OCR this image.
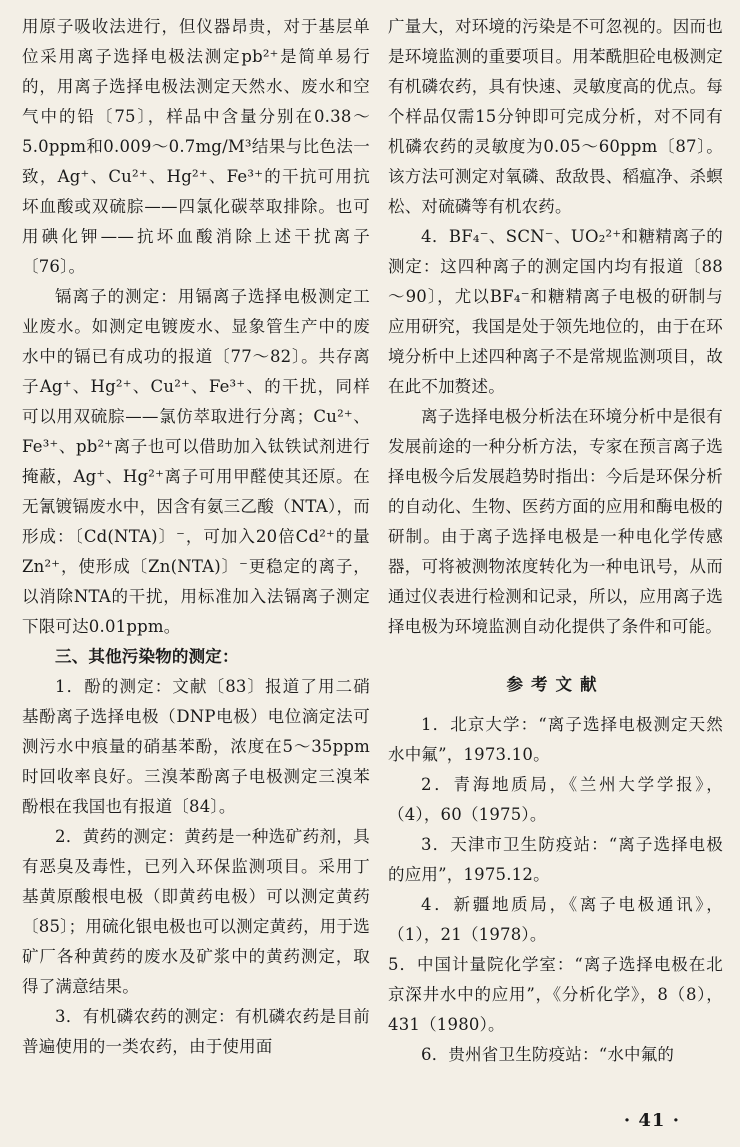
用原子吸收法进行，但仪器昂贵，对于基层单位采用离子选择电极法测定pb²⁺是简单易行的，用离子选择电极法测定天然水、废水和空气中的铅〔75〕，样品中含量分别在0.38～5.0ppm和0.009～0.7mg/M³结果与比色法一致，Ag⁺、Cu²⁺、Hg²⁺、Fe³⁺的干抗可用抗坏血酸或双硫腙——四氯化碳萃取排除。也可用碘化钾——抗坏血酸消除上述干扰离子〔76〕。

镉离子的测定：用镉离子选择电极测定工业废水。如测定电镀废水、显象管生产中的废水中的镉已有成功的报道〔77～82〕。共存离子Ag⁺、Hg²⁺、Cu²⁺、Fe³⁺、的干扰，同样可以用双硫腙——氯仿萃取进行分离；Cu²⁺、Fe³⁺、pb²⁺离子也可以借助加入钛铁试剂进行掩蔽，Ag⁺、Hg²⁺离子可用甲醛使其还原。在无氰镀镉废水中，因含有氨三乙酸（NTA），而形成：〔Cd(NTA)〕⁻，可加入20倍Cd²⁺的量Zn²⁺，使形成〔Zn(NTA)〕⁻更稳定的离子，以消除NTA的干扰，用标准加入法镉离子测定下限可达0.01ppm。

三、其他污染物的测定：

1．酚的测定：文献〔83〕报道了用二硝基酚离子选择电极（DNP电极）电位滴定法可测污水中痕量的硝基苯酚，浓度在5～35ppm时回收率良好。三溴苯酚离子电极测定三溴苯酚根在我国也有报道〔84〕。

2．黄药的测定：黄药是一种选矿药剂，具有恶臭及毒性，已列入环保监测项目。采用丁基黄原酸根电极（即黄药电极）可以测定黄药〔85〕；用硫化银电极也可以测定黄药，用于选矿厂各种黄药的废水及矿浆中的黄药测定，取得了满意结果。

3．有机磷农药的测定：有机磷农药是目前普遍使用的一类农药，由于使用面

广量大，对环境的污染是不可忽视的。因而也是环境监测的重要项目。用苯酰胆砼电极测定有机磷农药，具有快速、灵敏度高的优点。每个样品仅需15分钟即可完成分析，对不同有机磷农药的灵敏度为0.05～60ppm〔87〕。该方法可测定对氧磷、敌敌畏、稻瘟净、杀螟松、对硫磷等有机农药。

4．BF₄⁻、SCN⁻、UO₂²⁺和糖精离子的测定：这四种离子的测定国内均有报道〔88～90〕，尤以BF₄⁻和糖精离子电极的研制与应用研究，我国是处于领先地位的，由于在环境分析中上述四种离子不是常规监测项目，故在此不加赘述。

离子选择电极分析法在环境分析中是很有发展前途的一种分析方法，专家在预言离子选择电极今后发展趋势时指出：今后是环保分析的自动化、生物、医药方面的应用和酶电极的研制。由于离子选择电极是一种电化学传感器，可将被测物浓度转化为一种电讯号，从而通过仪表进行检测和记录，所以，应用离子选择电极为环境监测自动化提供了条件和可能。

参考文献

1．北京大学：“离子选择电极测定天然水中氟”，1973.10。

2．青海地质局，《兰州大学学报》，（4），60（1975）。

3．天津市卫生防疫站：“离子选择电极的应用”，1975.12。

4．新疆地质局，《离子电极通讯》，（1），21（1978）。

5．中国计量院化学室：“离子选择电极在北京深井水中的应用”，《分析化学》，8（8），431（1980）。

6．贵州省卫生防疫站：“水中氟的

· 41 ·
